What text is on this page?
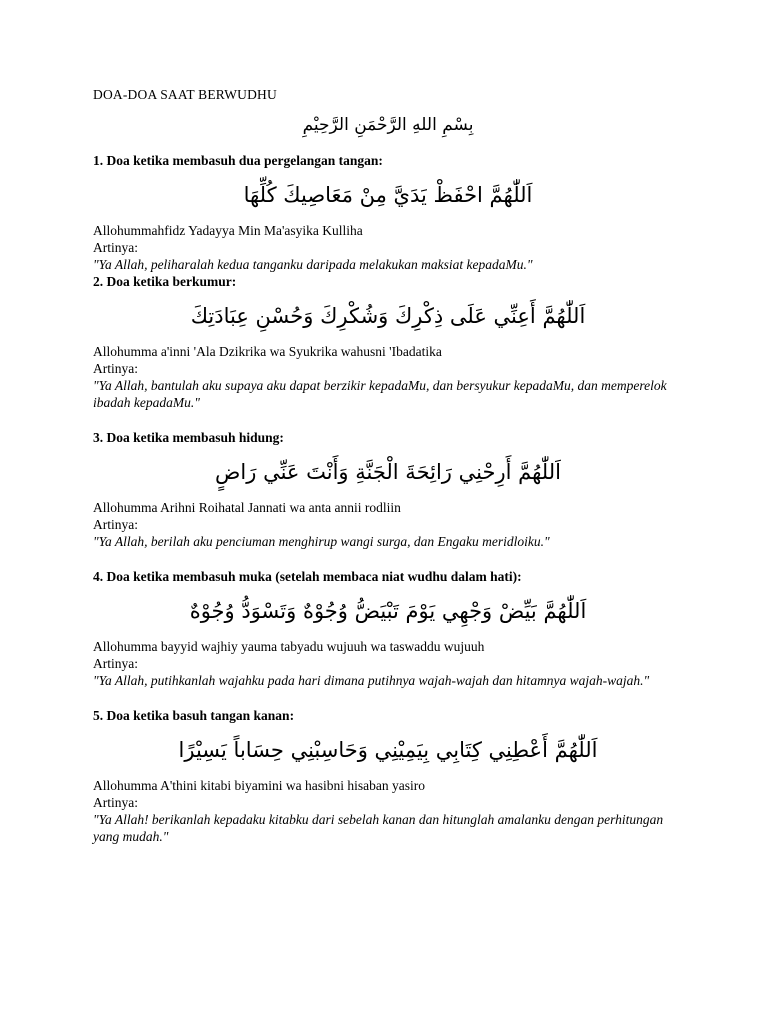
DOA-DOA SAAT BERWUDHU

بِسْمِ اللهِ الرَّحْمَنِ الرَّحِيْمِ

1. Doa ketika membasuh dua pergelangan tangan:

اَللّٰهُمَّ احْفَظْ يَدَيَّ مِنْ مَعَاصِيكَ كُلِّهَا

Allohummahfidz Yadayya Min Ma'asyika Kulliha

Artinya:

"Ya Allah, peliharalah kedua tanganku daripada melakukan maksiat kepadaMu."

2. Doa ketika berkumur:

اَللّٰهُمَّ أَعِنِّي عَلَى ذِكْرِكَ وَشُكْرِكَ وَحُسْنِ عِبَادَتِكَ

Allohumma a'inni 'Ala Dzikrika wa Syukrika wahusni 'Ibadatika

Artinya:

"Ya Allah, bantulah aku supaya aku dapat berzikir kepadaMu, dan bersyukur kepadaMu, dan memperelok ibadah kepadaMu."

3. Doa ketika membasuh hidung:

اَللّٰهُمَّ أَرِحْنِي رَائِحَةَ الْجَنَّةِ وَأَنْتَ عَنِّي رَاضٍ

Allohumma Arihni Roihatal Jannati wa anta annii rodliin

Artinya:

"Ya Allah, berilah aku penciuman menghirup wangi surga, dan Engaku meridloiku."

4. Doa ketika membasuh muka (setelah membaca niat wudhu dalam hati):

اَللّٰهُمَّ بَيِّضْ وَجْهِي يَوْمَ تَبْيَضُّ وُجُوْهٌ وَتَسْوَدُّ وُجُوْهٌ

Allohumma bayyid wajhiy yauma tabyadu wujuuh wa taswaddu wujuuh

Artinya:

"Ya Allah, putihkanlah wajahku pada hari dimana putihnya wajah-wajah dan hitamnya wajah-wajah."

5. Doa ketika basuh tangan kanan:

اَللّٰهُمَّ أَعْطِنِي كِتَابِي بِيَمِيْنِي وَحَاسِبْنِي حِسَاباً يَسِيْرًا

Allohumma A'thini kitabi biyamini wa hasibni hisaban yasiro

Artinya:

"Ya Allah! berikanlah kepadaku kitabku dari sebelah kanan dan hitunglah amalanku dengan perhitungan yang mudah."
